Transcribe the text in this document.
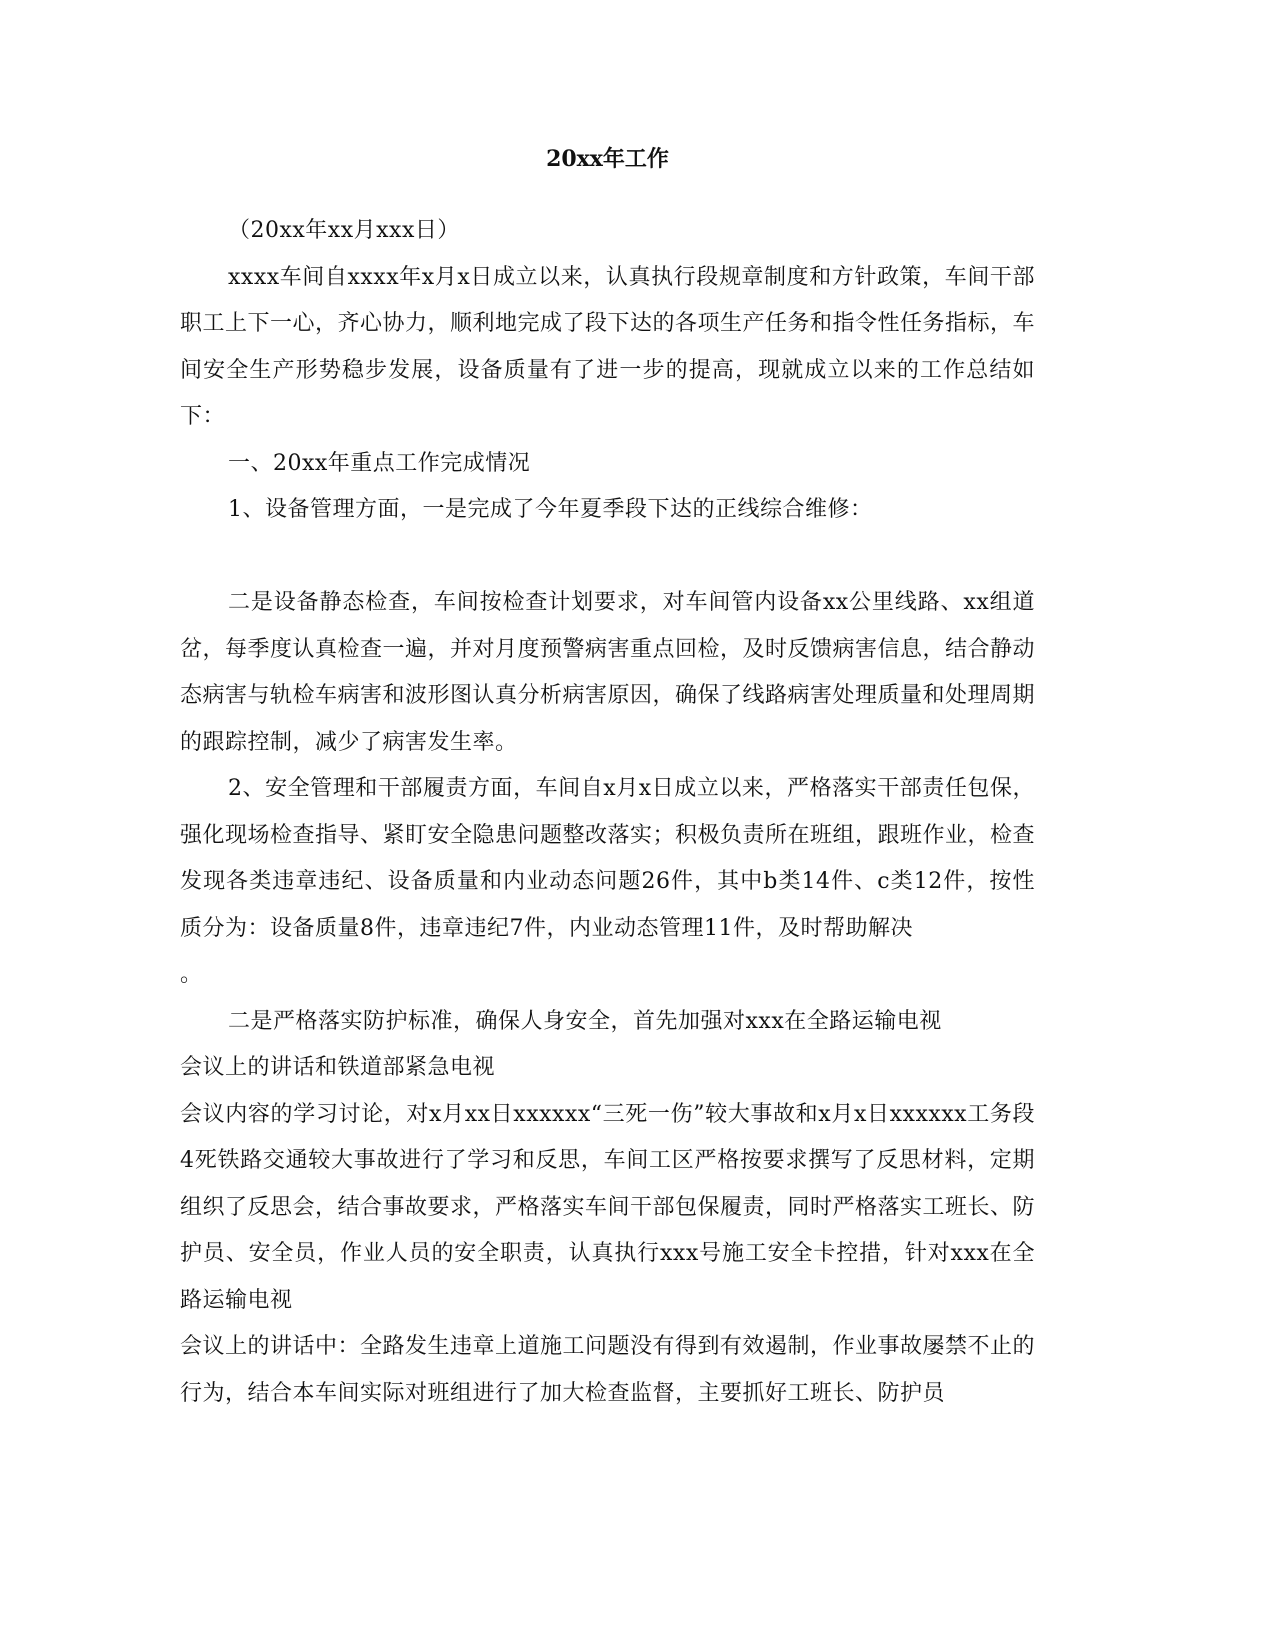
20xx年工作

（20xx年xx月xxx日）

xxxx车间自xxxx年x月x日成立以来，认真执行段规章制度和方针政策，车间干部职工上下一心，齐心协力，顺利地完成了段下达的各项生产任务和指令性任务指标，车间安全生产形势稳步发展，设备质量有了进一步的提高，现就成立以来的工作总结如下：

一、20xx年重点工作完成情况

1、设备管理方面，一是完成了今年夏季段下达的正线综合维修：

二是设备静态检查，车间按检查计划要求，对车间管内设备xx公里线路、xx组道岔，每季度认真检查一遍，并对月度预警病害重点回检，及时反馈病害信息，结合静动态病害与轨检车病害和波形图认真分析病害原因，确保了线路病害处理质量和处理周期的跟踪控制，减少了病害发生率。

2、安全管理和干部履责方面，车间自x月x日成立以来，严格落实干部责任包保，强化现场检查指导、紧盯安全隐患问题整改落实；积极负责所在班组，跟班作业，检查发现各类违章违纪、设备质量和内业动态问题26件，其中b类14件、c类12件，按性质分为：设备质量8件，违章违纪7件，内业动态管理11件，及时帮助解决
。

二是严格落实防护标准，确保人身安全，首先加强对xxx在全路运输电视
会议上的讲话和铁道部紧急电视
会议内容的学习讨论，对x月xx日xxxxxx“三死一伤”较大事故和x月x日xxxxxx工务段4死铁路交通较大事故进行了学习和反思，车间工区严格按要求撰写了反思材料，定期组织了反思会，结合事故要求，严格落实车间干部包保履责，同时严格落实工班长、防护员、安全员，作业人员的安全职责，认真执行xxx号施工安全卡控措，针对xxx在全路运输电视
会议上的讲话中：全路发生违章上道施工问题没有得到有效遏制，作业事故屡禁不止的行为，结合本车间实际对班组进行了加大检查监督，主要抓好工班长、防护员
